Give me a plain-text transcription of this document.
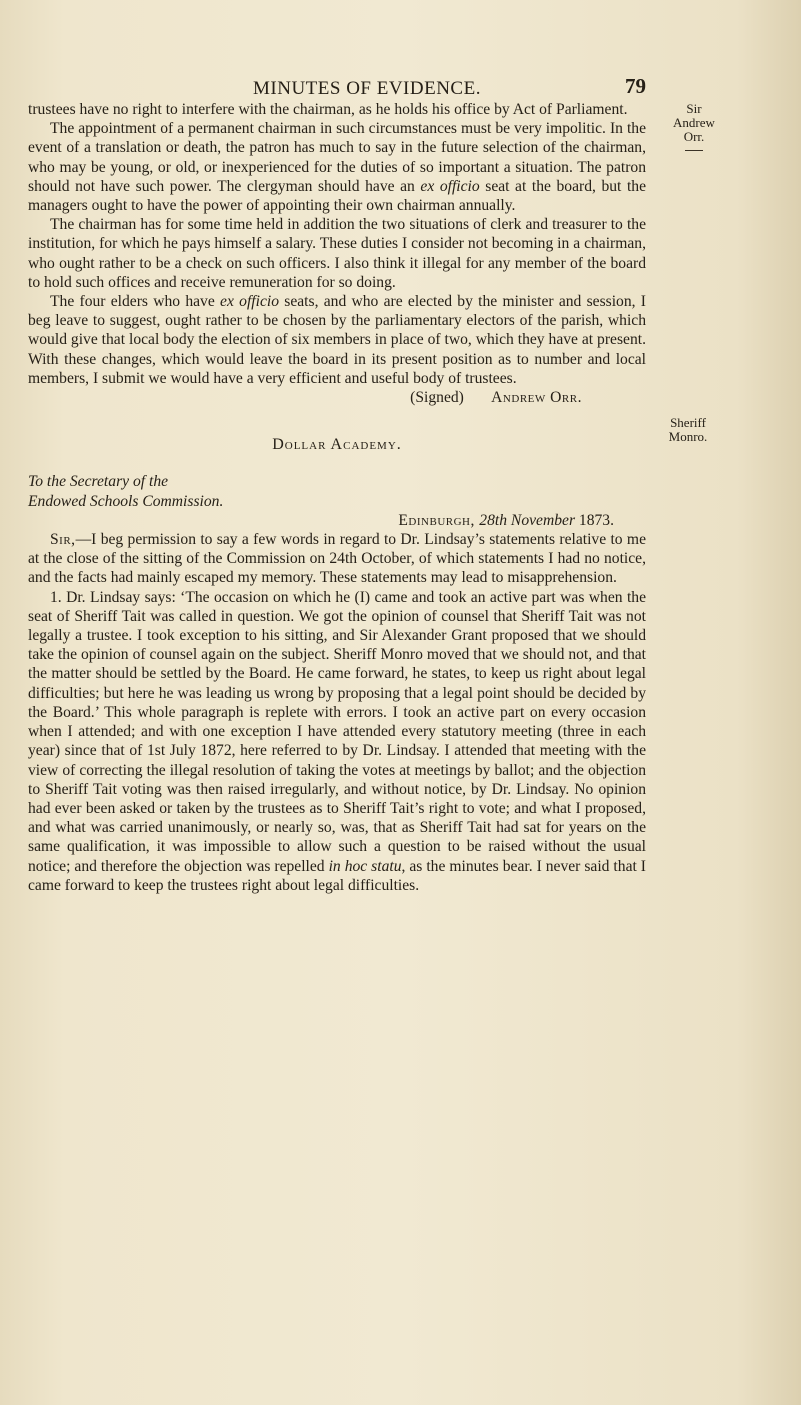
MINUTES OF EVIDENCE.	79
Sir
Andrew
Orr.
Sheriff
Monro.

trustees have no right to interfere with the chairman, as he holds his office by Act of Parliament.

The appointment of a permanent chairman in such circumstances must be very impolitic. In the event of a translation or death, the patron has much to say in the future selection of the chairman, who may be young, or old, or inexperienced for the duties of so important a situation. The patron should not have such power. The clergyman should have an ex officio seat at the board, but the managers ought to have the power of appointing their own chairman annually.

The chairman has for some time held in addition the two situations of clerk and treasurer to the institution, for which he pays himself a salary. These duties I consider not becoming in a chairman, who ought rather to be a check on such officers. I also think it illegal for any member of the board to hold such offices and receive remuneration for so doing.

The four elders who have ex officio seats, and who are elected by the minister and session, I beg leave to suggest, ought rather to be chosen by the parliamentary electors of the parish, which would give that local body the election of six members in place of two, which they have at present. With these changes, which would leave the board in its present position as to number and local members, I submit we would have a very efficient and useful body of trustees.

(Signed) Andrew Orr.

Dollar Academy.

To the Secretary of the

Endowed Schools Commission.

Edinburgh, 28th November 1873.

Sir,—I beg permission to say a few words in regard to Dr. Lindsay’s statements relative to me at the close of the sitting of the Commission on 24th October, of which statements I had no notice, and the facts had mainly escaped my memory. These statements may lead to misapprehension.

1. Dr. Lindsay says: ‘The occasion on which he (I) came and took an active part was when the seat of Sheriff Tait was called in question. We got the opinion of counsel that Sheriff Tait was not legally a trustee. I took exception to his sitting, and Sir Alexander Grant proposed that we should take the opinion of counsel again on the subject. Sheriff Monro moved that we should not, and that the matter should be settled by the Board. He came forward, he states, to keep us right about legal difficulties; but here he was leading us wrong by proposing that a legal point should be decided by the Board.’ This whole paragraph is replete with errors. I took an active part on every occasion when I attended; and with one exception I have attended every statutory meeting (three in each year) since that of 1st July 1872, here referred to by Dr. Lindsay. I attended that meeting with the view of correcting the illegal resolution of taking the votes at meetings by ballot; and the objection to Sheriff Tait voting was then raised irregularly, and without notice, by Dr. Lindsay. No opinion had ever been asked or taken by the trustees as to Sheriff Tait’s right to vote; and what I proposed, and what was carried unanimously, or nearly so, was, that as Sheriff Tait had sat for years on the same qualification, it was impossible to allow such a question to be raised without the usual notice; and therefore the objection was repelled in hoc statu, as the minutes bear. I never said that I came forward to keep the trustees right about legal difficulties.
